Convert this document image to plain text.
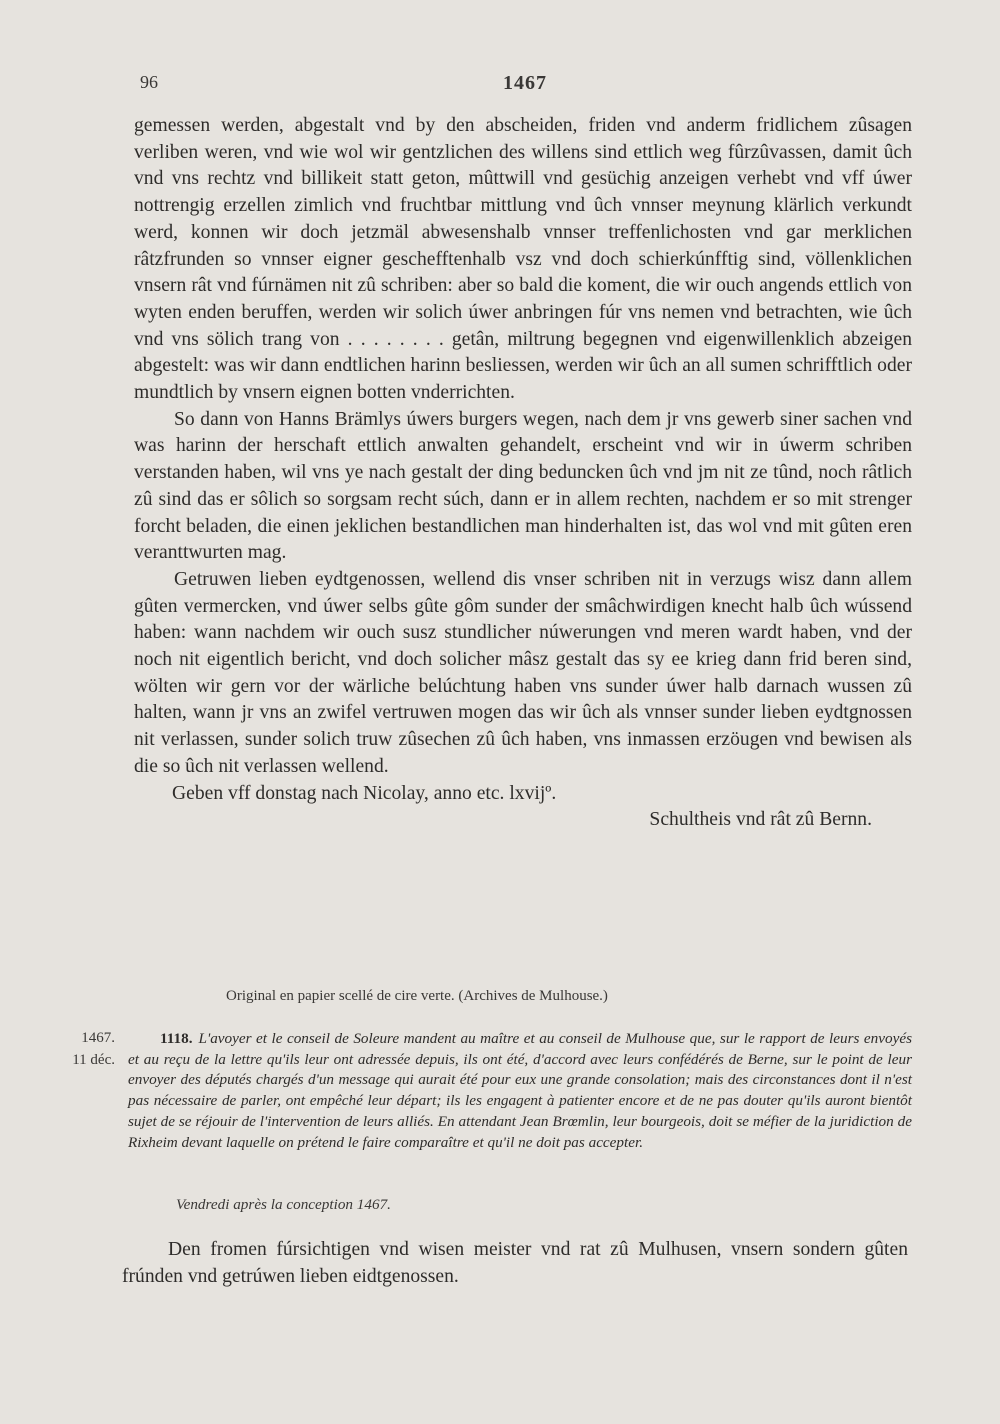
96	1467

gemessen werden, abgestalt vnd by den abscheiden, friden vnd anderm fridlichem zûsagen verliben weren, vnd wie wol wir gentzlichen des willens sind ettlich weg fûrzûvassen, damit ûch vnd vns rechtz vnd billikeit statt geton, mûttwill vnd gesüchig anzeigen verhebt vnd vff úwer nottrengig erzellen zimlich vnd fruchtbar mittlung vnd ûch vnnser meynung klärlich verkundt werd, konnen wir doch jetzmäl abwesenshalb vnnser treffenlichosten vnd gar merklichen râtzfrunden so vnnser eigner geschefftenhalb vsz vnd doch schierkúnfftig sind, völlenklichen vnsern rât vnd fúrnämen nit zû schriben: aber so bald die koment, die wir ouch angends ettlich von wyten enden beruffen, werden wir solich úwer anbringen fúr vns nemen vnd betrachten, wie ûch vnd vns sölich trang von . . . . . . . . getân, miltrung begegnen vnd eigenwillenklich abzeigen abgestelt: was wir dann endtlichen harinn besliessen, werden wir ûch an all sumen schrifftlich oder mundtlich by vnsern eignen botten vnderrichten.

So dann von Hanns Brämlys úwers burgers wegen, nach dem jr vns gewerb siner sachen vnd was harinn der herschaft ettlich anwalten gehandelt, erscheint vnd wir in úwerm schriben verstanden haben, wil vns ye nach gestalt der ding beduncken ûch vnd jm nit ze tûnd, noch râtlich zû sind das er sôlich so sorgsam recht súch, dann er in allem rechten, nachdem er so mit strenger forcht beladen, die einen jeklichen bestandlichen man hinderhalten ist, das wol vnd mit gûten eren veranttwurten mag.

Getruwen lieben eydtgenossen, wellend dis vnser schriben nit in verzugs wisz dann allem gûten vermercken, vnd úwer selbs gûte gôm sunder der smâchwirdigen knecht halb ûch wússend haben: wann nachdem wir ouch susz stundlicher núwerungen vnd meren wardt haben, vnd der noch nit eigentlich bericht, vnd doch solicher mâsz gestalt das sy ee krieg dann frid beren sind, wölten wir gern vor der wärliche belúchtung haben vns sunder úwer halb darnach wussen zû halten, wann jr vns an zwifel vertruwen mogen das wir ûch als vnnser sunder lieben eydtgnossen nit verlassen, sunder solich truw zûsechen zû ûch haben, vns inmassen erzöugen vnd bewisen als die so ûch nit verlassen wellend.

Geben vff donstag nach Nicolay, anno etc. lxvijº.

Schultheis vnd rât zû Bernn.

Original en papier scellé de cire verte. (Archives de Mulhouse.)
1467.
11 déc.

1118. L'avoyer et le conseil de Soleure mandent au maître et au conseil de Mulhouse que, sur le rapport de leurs envoyés et au reçu de la lettre qu'ils leur ont adressée depuis, ils ont été, d'accord avec leurs confédérés de Berne, sur le point de leur envoyer des députés chargés d'un message qui aurait été pour eux une grande consolation; mais des circonstances dont il n'est pas nécessaire de parler, ont empêché leur départ; ils les engagent à patienter encore et de ne pas douter qu'ils auront bientôt sujet de se réjouir de l'intervention de leurs alliés. En attendant Jean Brœmlin, leur bourgeois, doit se méfier de la juridiction de Rixheim devant laquelle on prétend le faire comparaître et qu'il ne doit pas accepter.

Vendredi après la conception 1467.

Den fromen fúrsichtigen vnd wisen meister vnd rat zû Mulhusen, vnsern sondern gûten frúnden vnd getrúwen lieben eidtgenossen.
